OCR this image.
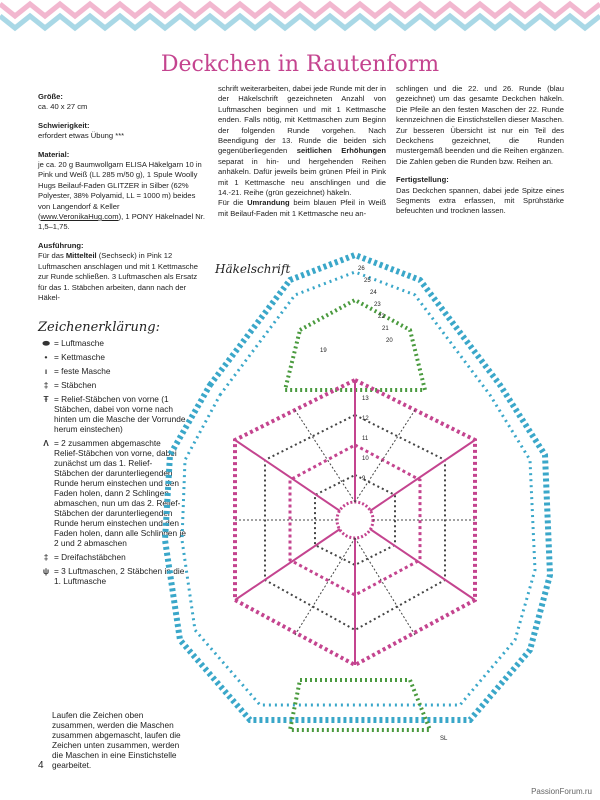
Deckchen in Rautenform

Größe:
ca. 40 x 27 cm

Schwierigkeit:
erfordert etwas Übung ***

Material:
je ca. 20 g Baumwollgarn ELISA Häkelgarn 10 in Pink und Weiß (LL 285 m/50 g), 1 Spule Woolly Hugs Beilauf-Faden GLITZER in Silber (62% Polyester, 38% Polyamid, LL = 1000 m) beides von Langendorf & Keller (www.VeronikaHug.com), 1 PONY Häkelnadel Nr. 1,5–1,75.

Ausführung:
Für das Mittelteil (Sechseck) in Pink 12 Luftmaschen anschlagen und mit 1 Kettmasche zur Runde schließen. 3 Luftmaschen als Ersatz für das 1. Stäbchen arbeiten, dann nach der Häkel-

schrift weiterarbeiten, dabei jede Runde mit der in der Häkelschrift gezeichneten Anzahl von Luftmaschen beginnen und mit 1 Kettmasche enden. Falls nötig, mit Kettmaschen zum Beginn der folgenden Runde vorgehen. Nach Beendigung der 13. Runde die beiden sich gegenüberliegenden seitlichen Erhöhungen separat in hin- und hergehenden Reihen anhäkeln. Dafür jeweils beim grünen Pfeil in Pink mit 1 Kettmasche neu anschlingen und die 14.-21. Reihe (grün gezeichnet) häkeln.

Für die Umrandung beim blauen Pfeil in Weiß mit Beilauf-Faden mit 1 Kettmasche neu an-

schlingen und die 22. und 26. Runde (blau gezeichnet) um das gesamte Deckchen häkeln. Die Pfeile an den festen Maschen der 22. Runde kennzeichnen die Einstichstellen dieser Maschen. Zur besseren Übersicht ist nur ein Teil des Deckchens gezeichnet, die Runden mustergemäß beenden und die Reihen ergänzen. Die Zahlen geben die Runden bzw. Reihen an.

Fertigstellung:
Das Deckchen spannen, dabei jede Spitze eines Segments extra erfassen, mit Sprühstärke befeuchten und trocknen lassen.

Zeichenerklärung:
⬬ = Luftmasche
• = Kettmasche
ı = feste Masche
‡ = Stäbchen
Ŧ = Relief-Stäbchen von vorne (1 Stäbchen, dabei von vorne nach hinten um die Masche der Vorrunde herum einstechen)
Λ = 2 zusammen abgemaschte Relief-Stäbchen von vorne, dabei zunächst um das 1. Relief-Stäbchen der darunterliegenden Runde herum einstechen und den Faden holen, dann 2 Schlingen abmaschen, nun um das 2. Relief-Stäbchen der darunterliegenden Runde herum einstechen und den Faden holen, dann alle Schlingen je 2 und 2 abmaschen
‡ = Dreifachstäbchen
ψ = 3 Luftmaschen, 2 Stäbchen in die 1. Luftmasche
Laufen die Zeichen oben zusammen, werden die Maschen zusammen abgemascht, laufen die Zeichen unten zusammen, werden die Maschen in eine Einstichstelle gearbeitet.
Häkelschrift	26
25
24
23
22
21
20
19
13
12
11
10
9
SL
4
PassionForum.ru
